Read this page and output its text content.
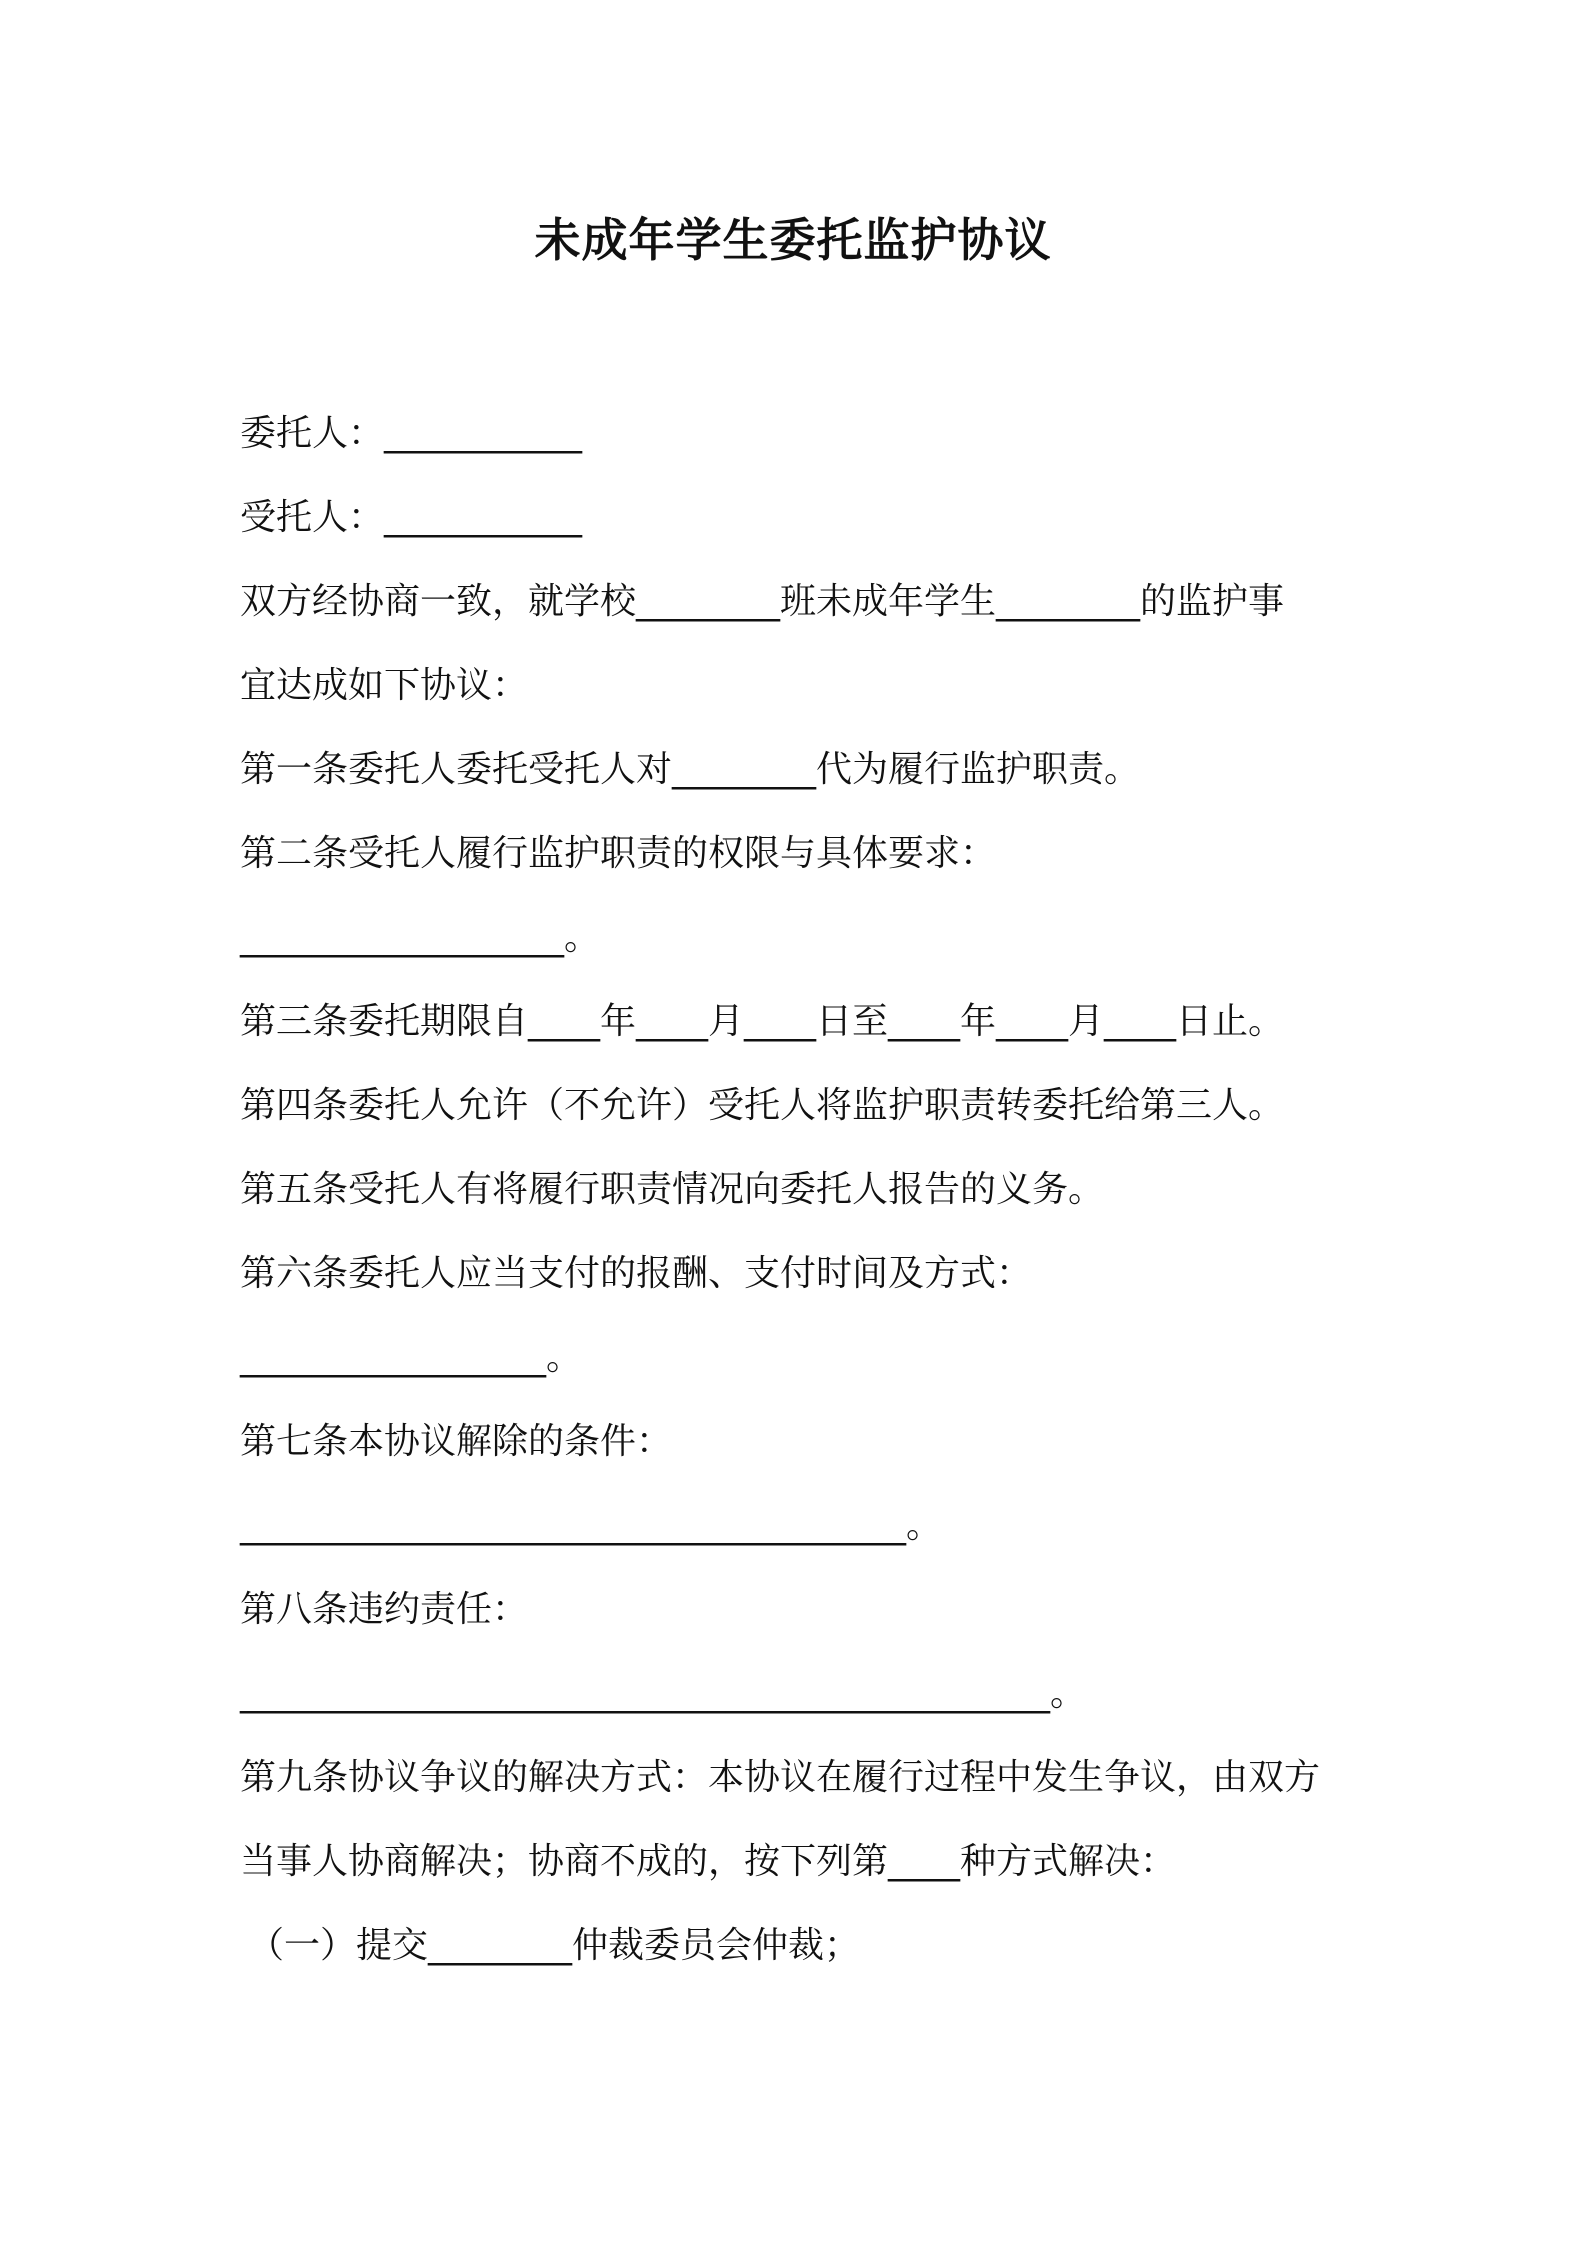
未成年学生委托监护协议
委托人：___________
受托人：___________
双方经协商一致，就学校________班未成年学生________的监护事
宜达成如下协议：
第一条委托人委托受托人对________代为履行监护职责。
第二条受托人履行监护职责的权限与具体要求：
__________________。
第三条委托期限自____年____月____日至____年____月____日止。
第四条委托人允许（不允许）受托人将监护职责转委托给第三人。
第五条受托人有将履行职责情况向委托人报告的义务。
第六条委托人应当支付的报酬、支付时间及方式：
_________________。
第七条本协议解除的条件：
_____________________________________。
第八条违约责任：
_____________________________________________。
第九条协议争议的解决方式：本协议在履行过程中发生争议，由双方
当事人协商解决；协商不成的，按下列第____种方式解决：
（一）提交________仲裁委员会仲裁；
